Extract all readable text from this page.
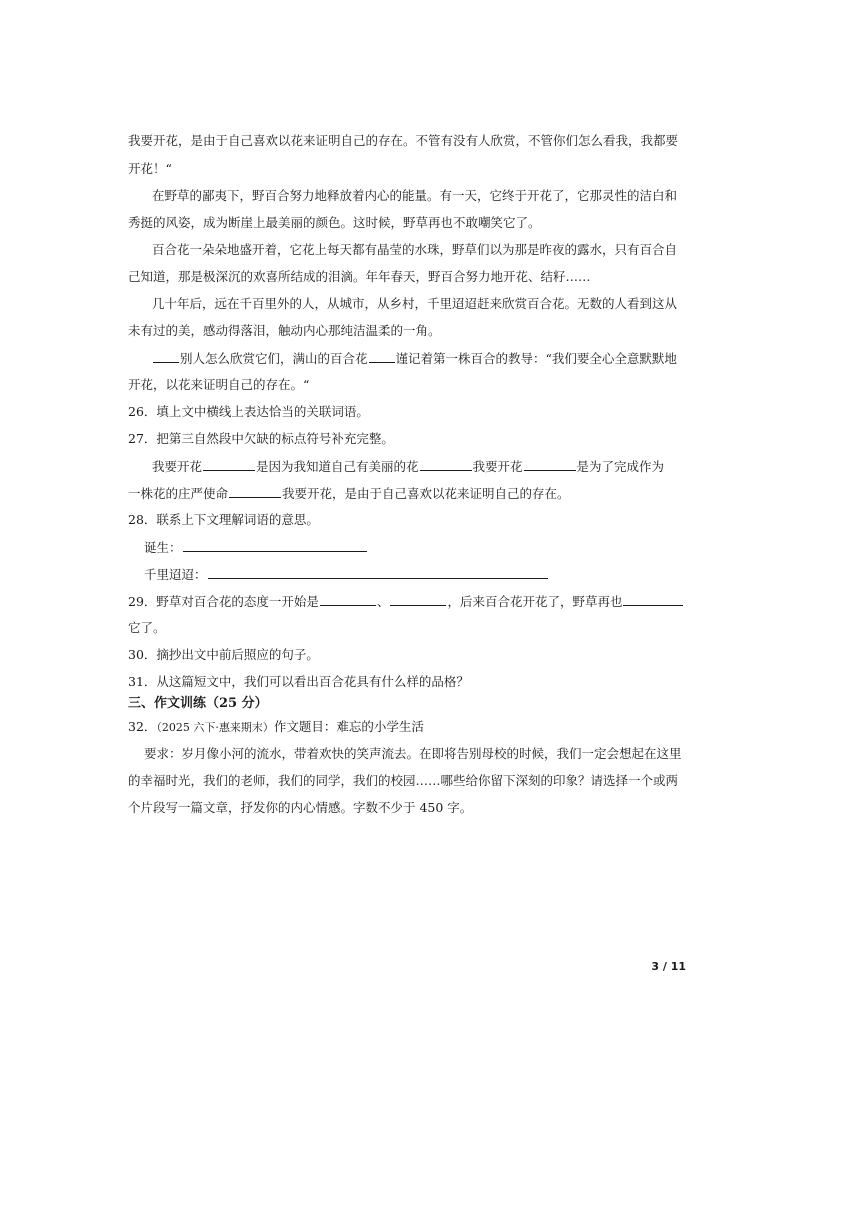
我要开花，是由于自己喜欢以花来证明自己的存在。不管有没有人欣赏，不管你们怎么看我，我都要
开花！“
在野草的鄙夷下，野百合努力地释放着内心的能量。有一天，它终于开花了，它那灵性的洁白和
秀挺的风姿，成为断崖上最美丽的颜色。这时候，野草再也不敢嘲笑它了。
百合花一朵朵地盛开着，它花上每天都有晶莹的水珠，野草们以为那是昨夜的露水，只有百合自
己知道，那是极深沉的欢喜所结成的泪滴。年年春天，野百合努力地开花、结籽……
几十年后，远在千百里外的人，从城市，从乡村，千里迢迢赶来欣赏百合花。无数的人看到这从
未有过的美，感动得落泪，触动内心那纯洁温柔的一角。
别人怎么欣赏它们，满山的百合花 谨记着第一株百合的教导：“我们要全心全意默默地
开花，以花来证明自己的存在。“
26．填上文中横线上表达恰当的关联词语。
27．把第三自然段中欠缺的标点符号补充完整。
我要开花	是因为我知道自己有美丽的花	我要开花	是为了完成作为
一株花的庄严使命	我要开花，是由于自己喜欢以花来证明自己的存在。
28．联系上下文理解词语的意思。
诞生：
千里迢迢：
29．野草对百合花的态度一开始是	、	，后来百合花开花了，野草再也
它了。
30．摘抄出文中前后照应的句子。
31．从这篇短文中，我们可以看出百合花具有什么样的品格？
三、作文训练（25 分）
32．（2025 六下·惠来期末）作文题目：难忘的小学生活
要求：岁月像小河的流水，带着欢快的笑声流去。在即将告别母校的时候，我们一定会想起在这里
的幸福时光，我们的老师，我们的同学，我们的校园……哪些给你留下深刻的印象？请选择一个或两
个片段写一篇文章，抒发你的内心情感。字数不少于 450 字。
3 / 11
